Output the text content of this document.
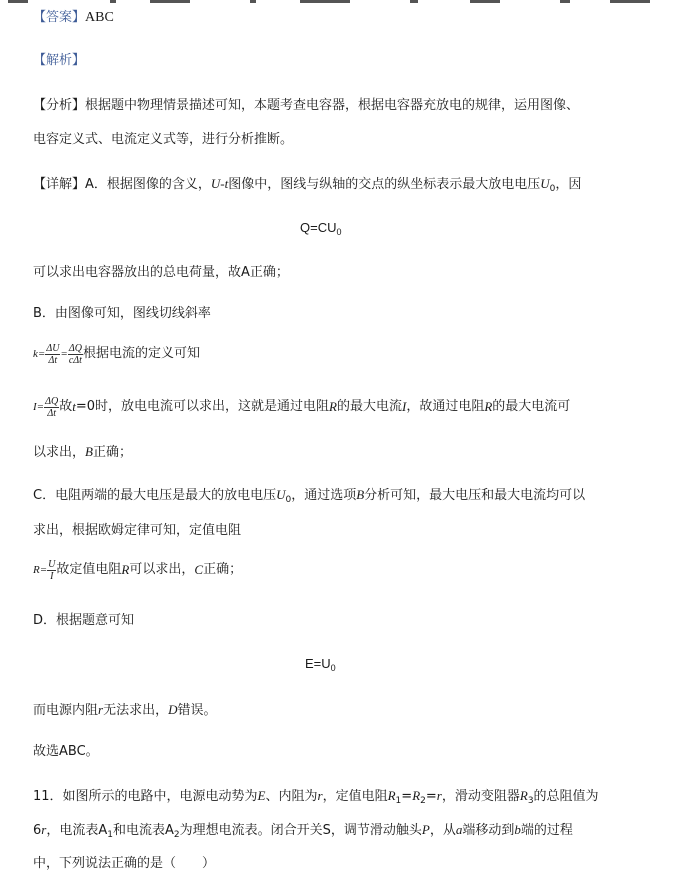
【答案】ABC
【解析】
【分析】根据题中物理情景描述可知，本题考查电容器，根据电容器充放电的规律，运用图像、
电容定义式、电流定义式等，进行分析推断。
【详解】A．根据图像的含义，U-t图像中，图线与纵轴的交点的纵坐标表示最大放电电压$U_0$，因
$Q=CU_0$
可以求出电容器放出的总电荷量，故A正确；
B．由图像可知，图线切线斜率
$k= \frac{\Delta U}{\Delta t} = \frac{\Delta Q}{\text{cΔt}}$ 根据电流的定义可知
$I= \frac{\Delta Q}{\Delta t}$ 故t=0时，放电电流可以求出，这就是通过电阻R的最大电流I，故通过电阻R的最大电流可
以求出，B正确；
C．电阻两端的最大电压是最大的放电电压$U_0$，通过选项B分析可知，最大电压和最大电流均可以
求出，根据欧姆定律可知，定值电阻
$R= \frac{U}{I}$ 故定值电阻R可以求出，C正确；
D．根据题意可知
$E=U_0$
而电源内阻r无法求出，D错误。
故选ABC。
11．如图所示的电路中，电源电动势为E、内阻为r，定值电阻$R_1=R_2=r$，滑动变阻器$R_3$的总阻值为
6r，电流表$A_1$和电流表$A_2$为理想电流表。闭合开关S，调节滑动触头P，从a端移动到b端的过程
中，下列说法正确的是（　　）
